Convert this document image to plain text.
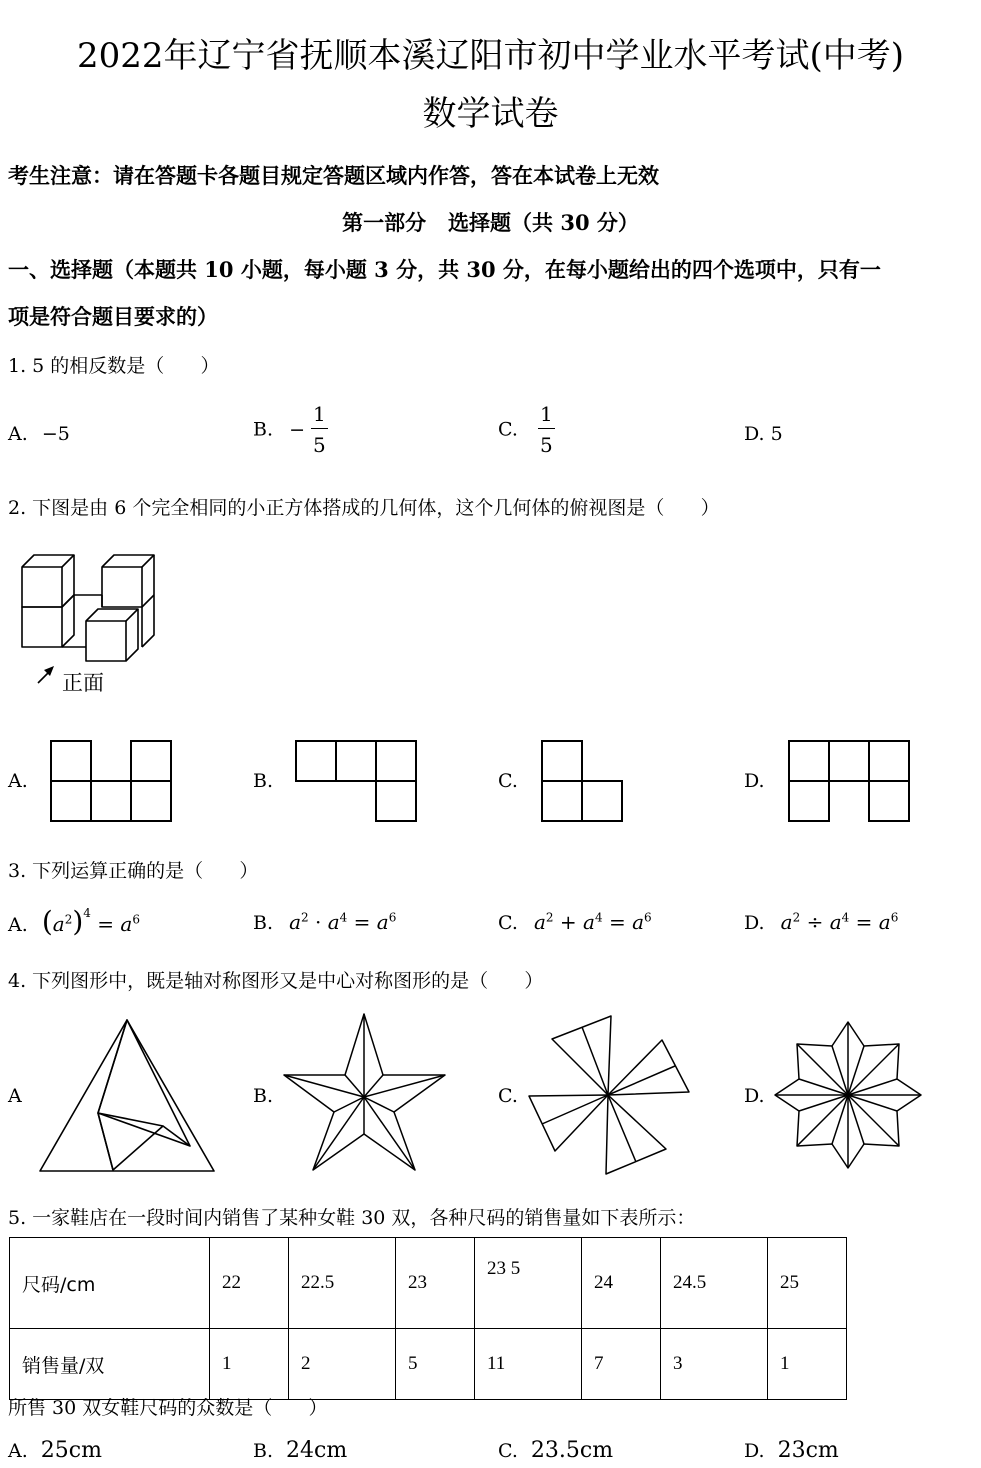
2022年辽宁省抚顺本溪辽阳市初中学业水平考试(中考)
数学试卷
考生注意：请在答题卡各题目规定答题区域内作答，答在本试卷上无效
第一部分   选择题（共 30 分）
一、选择题（本题共 10 小题，每小题 3 分，共 30 分，在每小题给出的四个选项中，只有一
项是符合题目要求的）
1. 5 的相反数是（      ）
A. −5	B. − $\frac{1}{5}$	C. $\frac{1}{5}$	D. 5
2. 下图是由 6 个完全相同的小正方体搭成的几何体，这个几何体的俯视图是（      ）
正面
A.	B.	C.	D.
3. 下列运算正确的是（      ）
A. $(a^2)^4 = a^6$	B. $a^2 \cdot a^4 = a^6$	C. $a^2 + a^4 = a^6$	D. $a^2 \div a^4 = a^6$
4. 下列图形中，既是轴对称图形又是中心对称图形的是（      ）
A	B.	C.	D.
5. 一家鞋店在一段时间内销售了某种女鞋 30 双，各种尺码的销售量如下表所示：
尺码/cm	22	22.5	23	23 5	24	24.5	25
销售量/双	1	2	5	11	7	3	1
所售 30 双女鞋尺码的众数是（      ）
A. 25cm	B. 24cm	C. 23.5cm	D. 23cm
